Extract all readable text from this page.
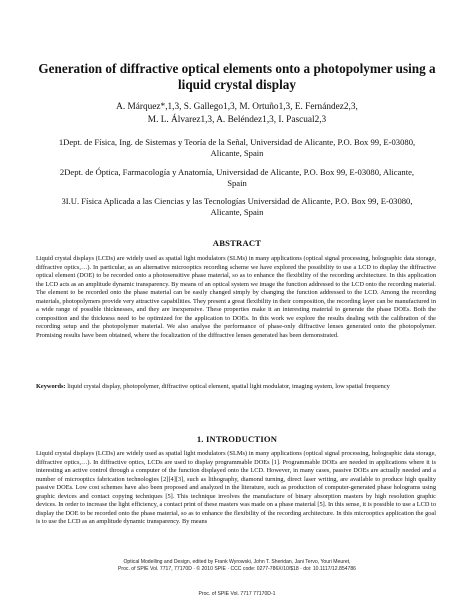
Generation of diffractive optical elements onto a photopolymer using a liquid crystal display
A. Márquez*,1,3, S. Gallego1,3, M. Ortuño1,3, E. Fernández2,3,
M. L. Álvarez1,3, A. Beléndez1,3, I. Pascual2,3
1Dept. de Física, Ing. de Sistemas y Teoría de la Señal, Universidad de Alicante, P.O. Box 99, E-03080, Alicante, Spain
2Dept. de Óptica, Farmacología y Anatomía, Universidad de Alicante, P.O. Box 99, E-03080, Alicante, Spain
3I.U. Física Aplicada a las Ciencias y las Tecnologías Universidad de Alicante, P.O. Box 99, E-03080, Alicante, Spain
ABSTRACT

Liquid crystal displays (LCDs) are widely used as spatial light modulators (SLMs) in many applications (optical signal processing, holographic data storage, diffractive optics,…). In particular, as an alternative microoptics recording scheme we have explored the possibility to use a LCD to display the diffractive optical element (DOE) to be recorded onto a photosensitive phase material, so as to enhance the flexibility of the recording architecture. In this application the LCD acts as an amplitude dynamic transparency. By means of an optical system we image the function addressed to the LCD onto the recording material. The element to be recorded onto the phase material can be easily changed simply by changing the function addressed to the LCD. Among the recording materials, photopolymers provide very attractive capabilities. They present a great flexibility in their composition, the recording layer can be manufactured in a wide range of possible thicknesses, and they are inexpensive. These properties make it an interesting material to generate the phase DOEs. Both the composition and the thickness need to be optimized for the application to DOEs. In this work we explore the results dealing with the calibration of the recording setup and the photopolymer material. We also analyse the performance of phase-only diffractive lenses generated onto the photopolymer. Promising results have been obtained, where the focalization of the diffractive lenses generated has been demonstrated.

Keywords: liquid crystal display, photopolymer, diffractive optical element, spatial light modulator, imaging system, low spatial frequency

1. INTRODUCTION

Liquid crystal displays (LCDs) are widely used as spatial light modulators (SLMs) in many applications (optical signal processing, holographic data storage, diffractive optics,…). In diffractive optics, LCDs are used to display programmable DOEs [1]. Programmable DOEs are needed in applications where it is interesting an active control through a computer of the function displayed onto the LCD. However, in many cases, passive DOEs are actually needed and a number of microoptics fabrication technologies [2][4][3], such as lithography, diamond turning, direct laser writing, are available to produce high quality passive DOEs. Low cost schemes have also been proposed and analyzed in the literature, such as production of computer-generated phase holograms using graphic devices and contact copying techniques [5]. This technique involves the manufacture of binary absorption masters by high resolution graphic devices. In order to increase the light efficiency, a contact print of these masters was made on a phase material [5]. In this sense, it is possible to use a LCD to display the DOE to be recorded onto the phase material, so as to enhance the flexibility of the recording architecture. In this microoptics application the goal is to use the LCD as an amplitude dynamic transparency. By means

Optical Modelling and Design, edited by Frank Wyrowski, John T. Sheridan, Jani Tervo, Youri Meuret,
Proc. of SPIE Vol. 7717, 77170D · © 2010 SPIE · CCC code: 0277-786X/10/$18 · doi: 10.1117/12.854786
Proc. of SPIE Vol. 7717 77170D-1
